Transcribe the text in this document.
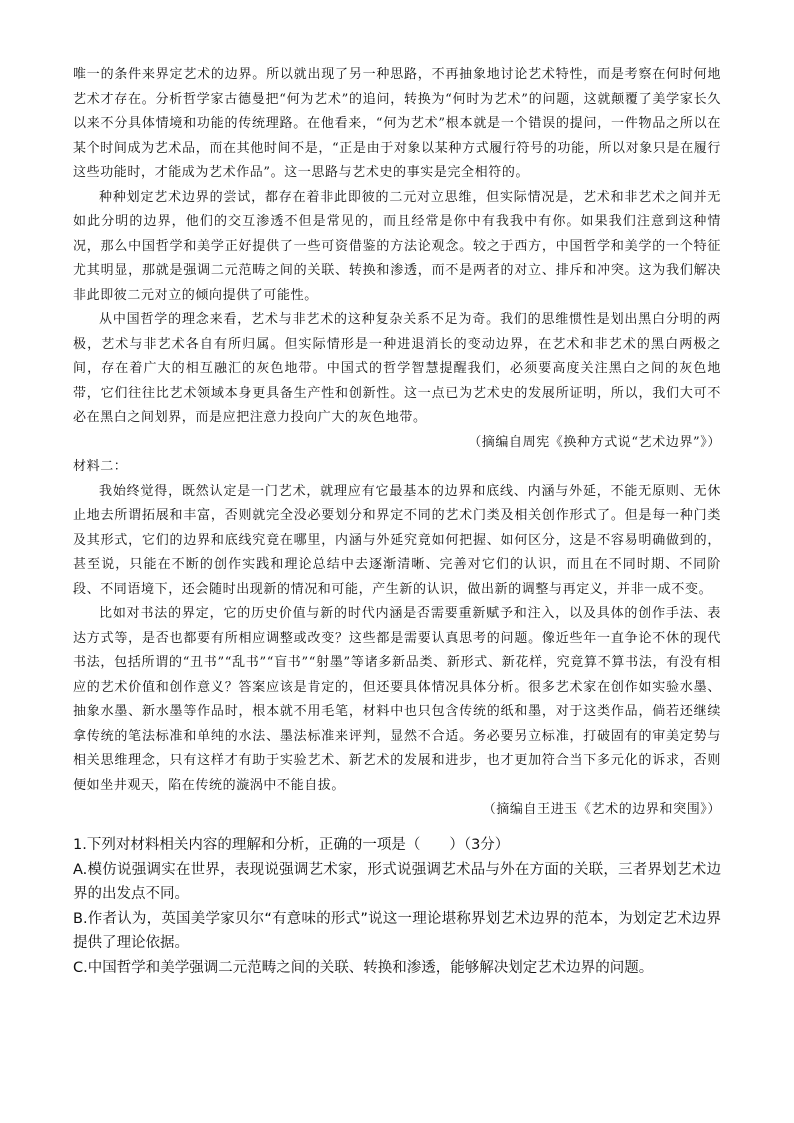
唯一的条件来界定艺术的边界。所以就出现了另一种思路，不再抽象地讨论艺术特性，而是考察在何时何地艺术才存在。分析哲学家古德曼把“何为艺术”的追问，转换为“何时为艺术”的问题，这就颠覆了美学家长久以来不分具体情境和功能的传统理路。在他看来，“何为艺术”根本就是一个错误的提问，一件物品之所以在某个时间成为艺术品，而在其他时间不是，“正是由于对象以某种方式履行符号的功能，所以对象只是在履行这些功能时，才能成为艺术作品”。这一思路与艺术史的事实是完全相符的。

种种划定艺术边界的尝试，都存在着非此即彼的二元对立思维，但实际情况是，艺术和非艺术之间并无如此分明的边界，他们的交互渗透不但是常见的，而且经常是你中有我我中有你。如果我们注意到这种情况，那么中国哲学和美学正好提供了一些可资借鉴的方法论观念。较之于西方，中国哲学和美学的一个特征尤其明显，那就是强调二元范畴之间的关联、转换和渗透，而不是两者的对立、排斥和冲突。这为我们解决非此即彼二元对立的倾向提供了可能性。

从中国哲学的理念来看，艺术与非艺术的这种复杂关系不足为奇。我们的思维惯性是划出黑白分明的两极，艺术与非艺术各自有所归属。但实际情形是一种进退消长的变动边界，在艺术和非艺术的黑白两极之间，存在着广大的相互融汇的灰色地带。中国式的哲学智慧提醒我们，必须要高度关注黑白之间的灰色地带，它们往往比艺术领域本身更具备生产性和创新性。这一点已为艺术史的发展所证明，所以，我们大可不必在黑白之间划界，而是应把注意力投向广大的灰色地带。

（摘编自周宪《换种方式说“艺术边界”》）

材料二：

我始终觉得，既然认定是一门艺术，就理应有它最基本的边界和底线、内涵与外延，不能无原则、无休止地去所谓拓展和丰富，否则就完全没必要划分和界定不同的艺术门类及相关创作形式了。但是每一种门类及其形式，它们的边界和底线究竟在哪里，内涵与外延究竟如何把握、如何区分，这是不容易明确做到的，甚至说，只能在不断的创作实践和理论总结中去逐渐清晰、完善对它们的认识，而且在不同时期、不同阶段、不同语境下，还会随时出现新的情况和可能，产生新的认识，做出新的调整与再定义，并非一成不变。

比如对书法的界定，它的历史价值与新的时代内涵是否需要重新赋予和注入，以及具体的创作手法、表达方式等，是否也都要有所相应调整或改变？这些都是需要认真思考的问题。像近些年一直争论不休的现代书法，包括所谓的“丑书”“乱书”“盲书”“射墨”等诸多新品类、新形式、新花样，究竟算不算书法，有没有相应的艺术价值和创作意义？答案应该是肯定的，但还要具体情况具体分析。很多艺术家在创作如实验水墨、抽象水墨、新水墨等作品时，根本就不用毛笔，材料中也只包含传统的纸和墨，对于这类作品，倘若还继续拿传统的笔法标准和单纯的水法、墨法标准来评判，显然不合适。务必要另立标准，打破固有的审美定势与相关思维理念，只有这样才有助于实验艺术、新艺术的发展和进步，也才更加符合当下多元化的诉求，否则便如坐井观天，陷在传统的漩涡中不能自拔。

（摘编自王进玉《艺术的边界和突围》）

1.下列对材料相关内容的理解和分析，正确的一项是（　　）（3分）

A.模仿说强调实在世界，表现说强调艺术家，形式说强调艺术品与外在方面的关联，三者界划艺术边界的出发点不同。

B.作者认为，英国美学家贝尔“有意味的形式”说这一理论堪称界划艺术边界的范本，为划定艺术边界提供了理论依据。

C.中国哲学和美学强调二元范畴之间的关联、转换和渗透，能够解决划定艺术边界的问题。
